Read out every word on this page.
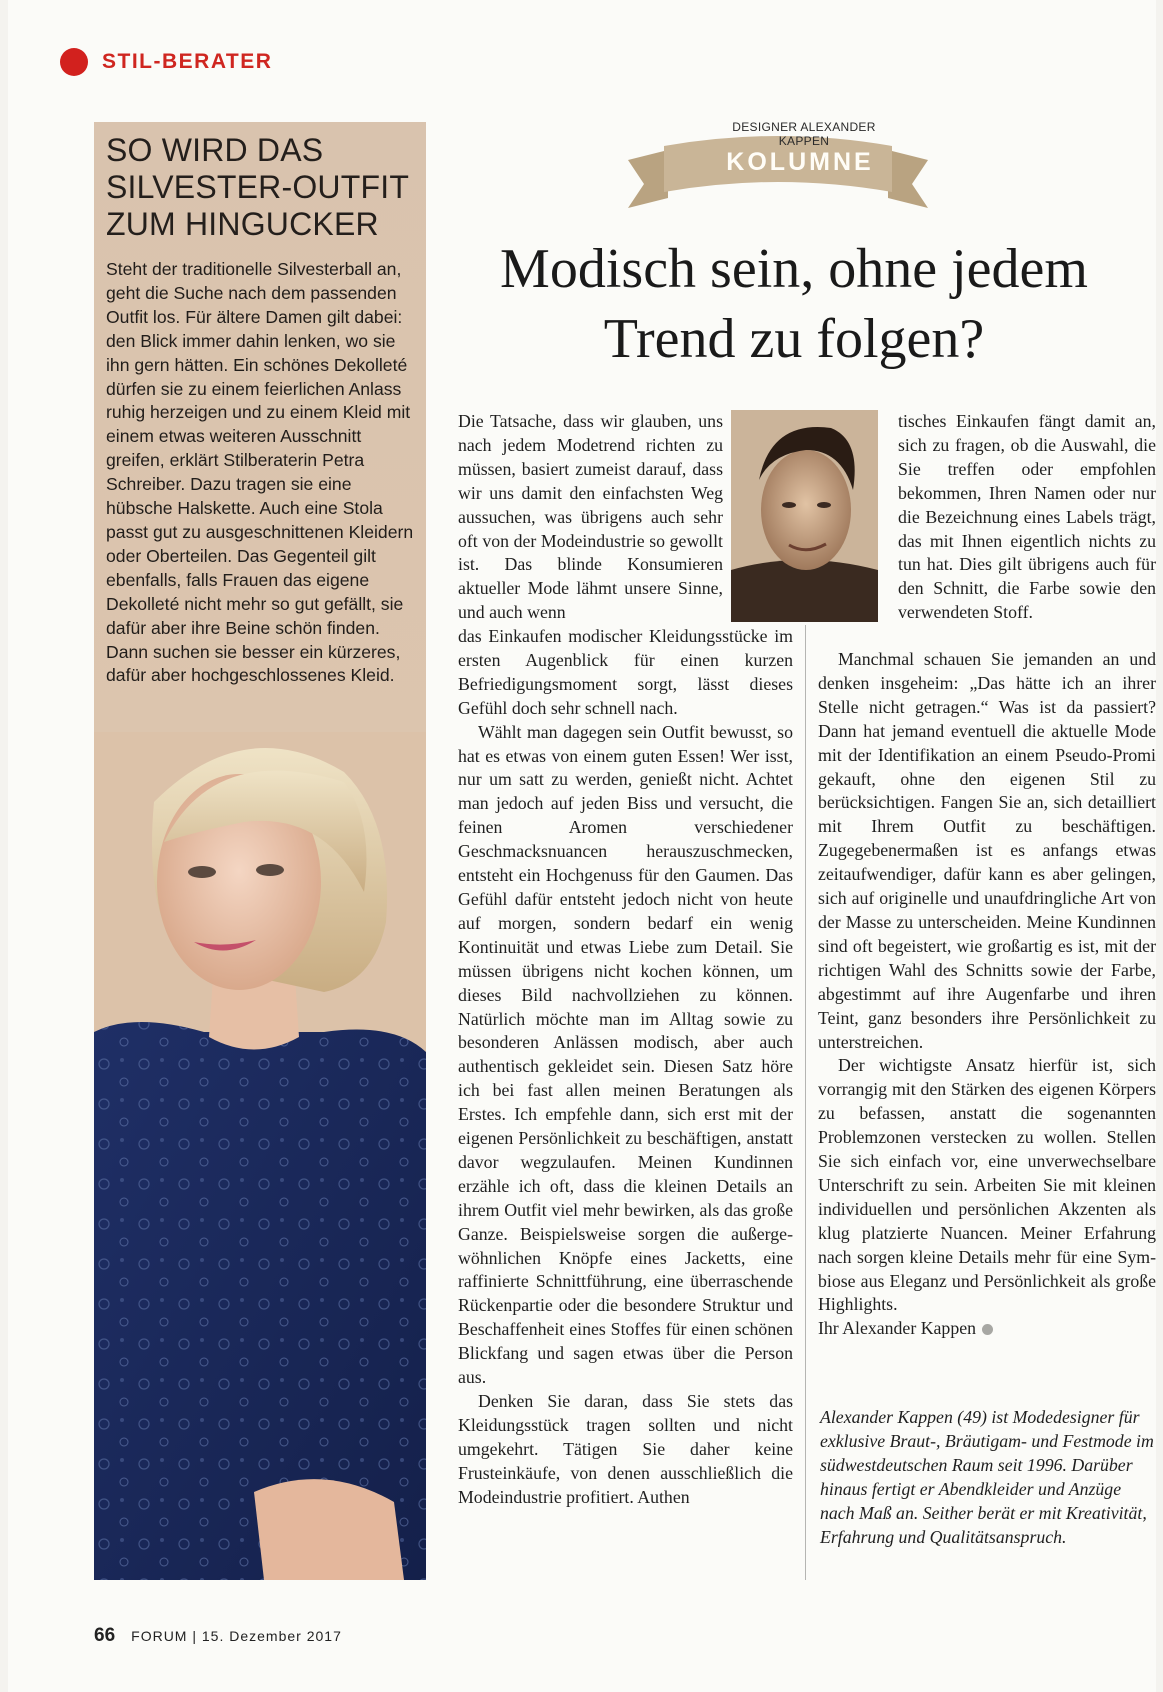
STIL-BERATER
SO WIRD DAS SILVESTER-OUTFIT ZUM HINGUCKER
Steht der traditionelle Silvesterball an, geht die Suche nach dem passenden Outfit los. Für ältere Damen gilt dabei: den Blick immer dahin lenken, wo sie ihn gern hätten. Ein schönes Dekolleté dürfen sie zu einem feierlichen Anlass ruhig herzeigen und zu einem Kleid mit einem etwas weiteren Ausschnitt greifen, erklärt Stilberaterin Petra Schreiber. Dazu tragen sie eine hübsche Halskette. Auch eine Stola passt gut zu ausgeschnittenen Kleidern oder Oberteilen. Das Gegenteil gilt ebenfalls, falls Frauen das eigene Dekolleté nicht mehr so gut gefällt, sie dafür aber ihre Beine schön finden. Dann suchen sie besser ein kürzeres, dafür aber hochgeschlossenes Kleid.
DESIGNER ALEXANDER KAPPEN
KOLUMNE
Modisch sein, ohne jedem Trend zu folgen?

Die Tatsache, dass wir glauben, uns nach jedem Modetrend richten zu müssen, basiert zumeist darauf, dass wir uns damit den einfachsten Weg aussuchen, was übrigens auch sehr oft von der Modeindustrie so gewollt ist. Das blinde Konsumieren aktueller Mode lähmt unsere Sinne, und auch wenn

das Einkaufen modischer Kleidungsstücke im ersten Augenblick für einen kurzen Befriedigungsmoment sorgt, lässt dieses Gefühl doch sehr schnell nach.

Wählt man dagegen sein Outfit bewusst, so hat es etwas von einem guten Essen! Wer isst, nur um satt zu werden, genießt nicht. Achtet man jedoch auf jeden Biss und versucht, die feinen Aromen verschiedener Geschmacksnuancen herauszuschmecken, entsteht ein Hochgenuss für den Gaumen. Das Gefühl dafür entsteht jedoch nicht von heute auf morgen, sondern bedarf ein wenig Kontinuität und etwas Liebe zum Detail. Sie müssen übrigens nicht kochen können, um dieses Bild nachvollziehen zu können. Natürlich möchte man im Alltag sowie zu besonderen Anlässen modisch, aber auch authentisch gekleidet sein. Diesen Satz höre ich bei fast allen meinen Beratungen als Erstes. Ich empfehle dann, sich erst mit der eigenen Persönlichkeit zu beschäftigen, anstatt davor wegzulaufen. Meinen Kundinnen erzähle ich oft, dass die kleinen Details an ihrem Outfit viel mehr bewirken, als das große Ganze. Beispielsweise sorgen die außergewöhnlichen Knöpfe eines Jacketts, eine raffinierte Schnittführung, eine überraschende Rückenpartie oder die besondere Struktur und Beschaffenheit eines Stoffes für einen schönen Blickfang und sagen etwas über die Person aus.

Denken Sie daran, dass Sie stets das Kleidungsstück tragen sollten und nicht umgekehrt. Tätigen Sie daher keine Frusteinkäufe, von denen ausschließlich die Modeindustrie profitiert. Authen

tisches Einkaufen fängt damit an, sich zu fragen, ob die Auswahl, die Sie treffen oder empfohlen bekommen, Ihren Namen oder nur die Bezeichnung eines Labels trägt, das mit Ihnen eigentlich nichts zu tun hat. Dies gilt übrigens auch für den Schnitt, die Farbe sowie den verwendeten Stoff.

Manchmal schauen Sie jemanden an und denken insgeheim: „Das hätte ich an ihrer Stelle nicht getragen.“ Was ist da passiert? Dann hat jemand eventuell die aktuelle Mode mit der Identifikation an einem Pseudo-Promi gekauft, ohne den eigenen Stil zu berücksichtigen. Fangen Sie an, sich detailliert mit Ihrem Outfit zu beschäftigen. Zugegebenermaßen ist es anfangs etwas zeitaufwendiger, dafür kann es aber gelingen, sich auf originelle und unaufdringliche Art von der Masse zu unterscheiden. Meine Kundinnen sind oft begeistert, wie großartig es ist, mit der richtigen Wahl des Schnitts sowie der Farbe, abgestimmt auf ihre Augenfarbe und ihren Teint, ganz besonders ihre Persönlichkeit zu unterstreichen.

Der wichtigste Ansatz hierfür ist, sich vorrangig mit den Stärken des eigenen Körpers zu befassen, anstatt die sogenannten Problemzonen verstecken zu wollen. Stellen Sie sich einfach vor, eine unverwechselbare Unterschrift zu sein. Arbeiten Sie mit kleinen individuellen und persönlichen Akzenten als klug platzierte Nuancen. Meiner Erfahrung nach sorgen kleine Details mehr für eine Symbiose aus Eleganz und Persönlichkeit als große Highlights.

Ihr Alexander Kappen

Alexander Kappen (49) ist Modedesigner für exklusive Braut-, Bräutigam- und Festmode im südwestdeutschen Raum seit 1996. Darüber hinaus fertigt er Abendkleider und Anzüge nach Maß an. Seither berät er mit Kreativität, Erfahrung und Qualitätsanspruch.
66 FORUM | 15. Dezember 2017
